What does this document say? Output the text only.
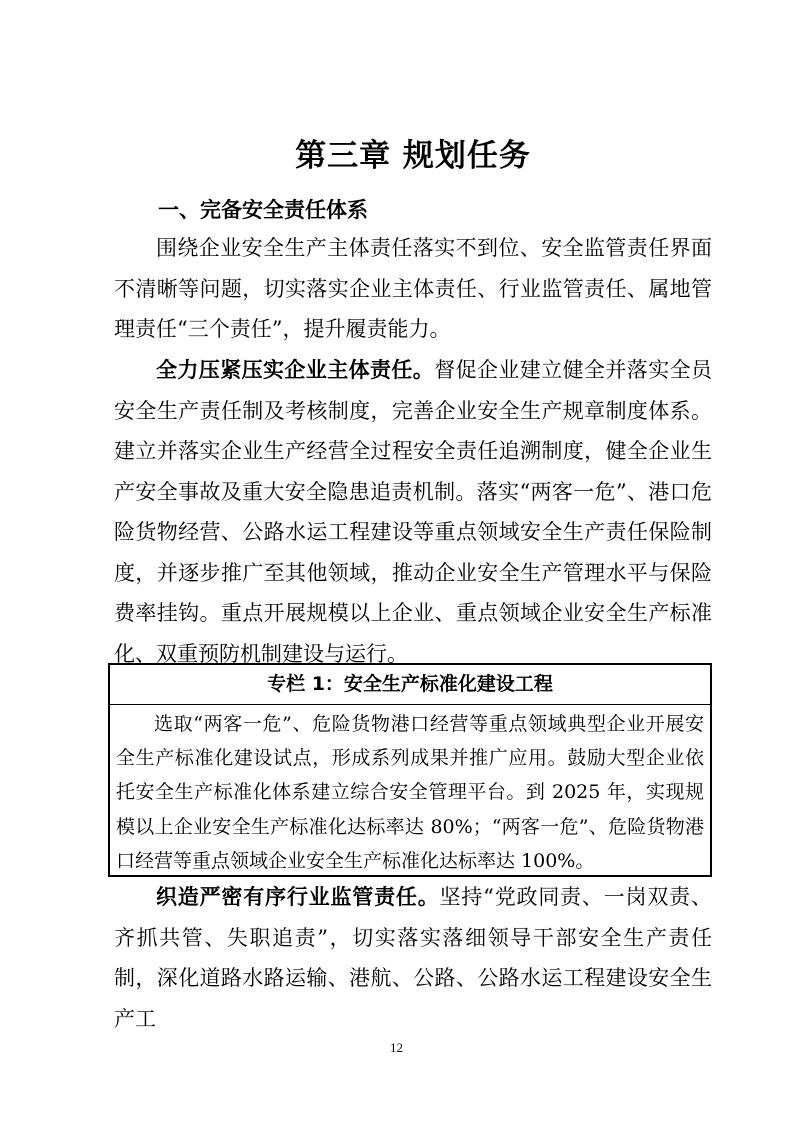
第三章 规划任务
一、完备安全责任体系

围绕企业安全生产主体责任落实不到位、安全监管责任界面不清晰等问题，切实落实企业主体责任、行业监管责任、属地管理责任“三个责任”，提升履责能力。

全力压紧压实企业主体责任。督促企业建立健全并落实全员安全生产责任制及考核制度，完善企业安全生产规章制度体系。建立并落实企业生产经营全过程安全责任追溯制度，健全企业生产安全事故及重大安全隐患追责机制。落实“两客一危”、港口危险货物经营、公路水运工程建设等重点领域安全生产责任保险制度，并逐步推广至其他领域，推动企业安全生产管理水平与保险费率挂钩。重点开展规模以上企业、重点领域企业安全生产标准化、双重预防机制建设与运行。

专栏 1：安全生产标准化建设工程

选取“两客一危”、危险货物港口经营等重点领域典型企业开展安全生产标准化建设试点，形成系列成果并推广应用。鼓励大型企业依托安全生产标准化体系建立综合安全管理平台。到 2025 年，实现规模以上企业安全生产标准化达标率达 80%；“两客一危”、危险货物港口经营等重点领域企业安全生产标准化达标率达 100%。

织造严密有序行业监管责任。坚持“党政同责、一岗双责、齐抓共管、失职追责”，切实落实落细领导干部安全生产责任制，深化道路水路运输、港航、公路、公路水运工程建设安全生产工

12
